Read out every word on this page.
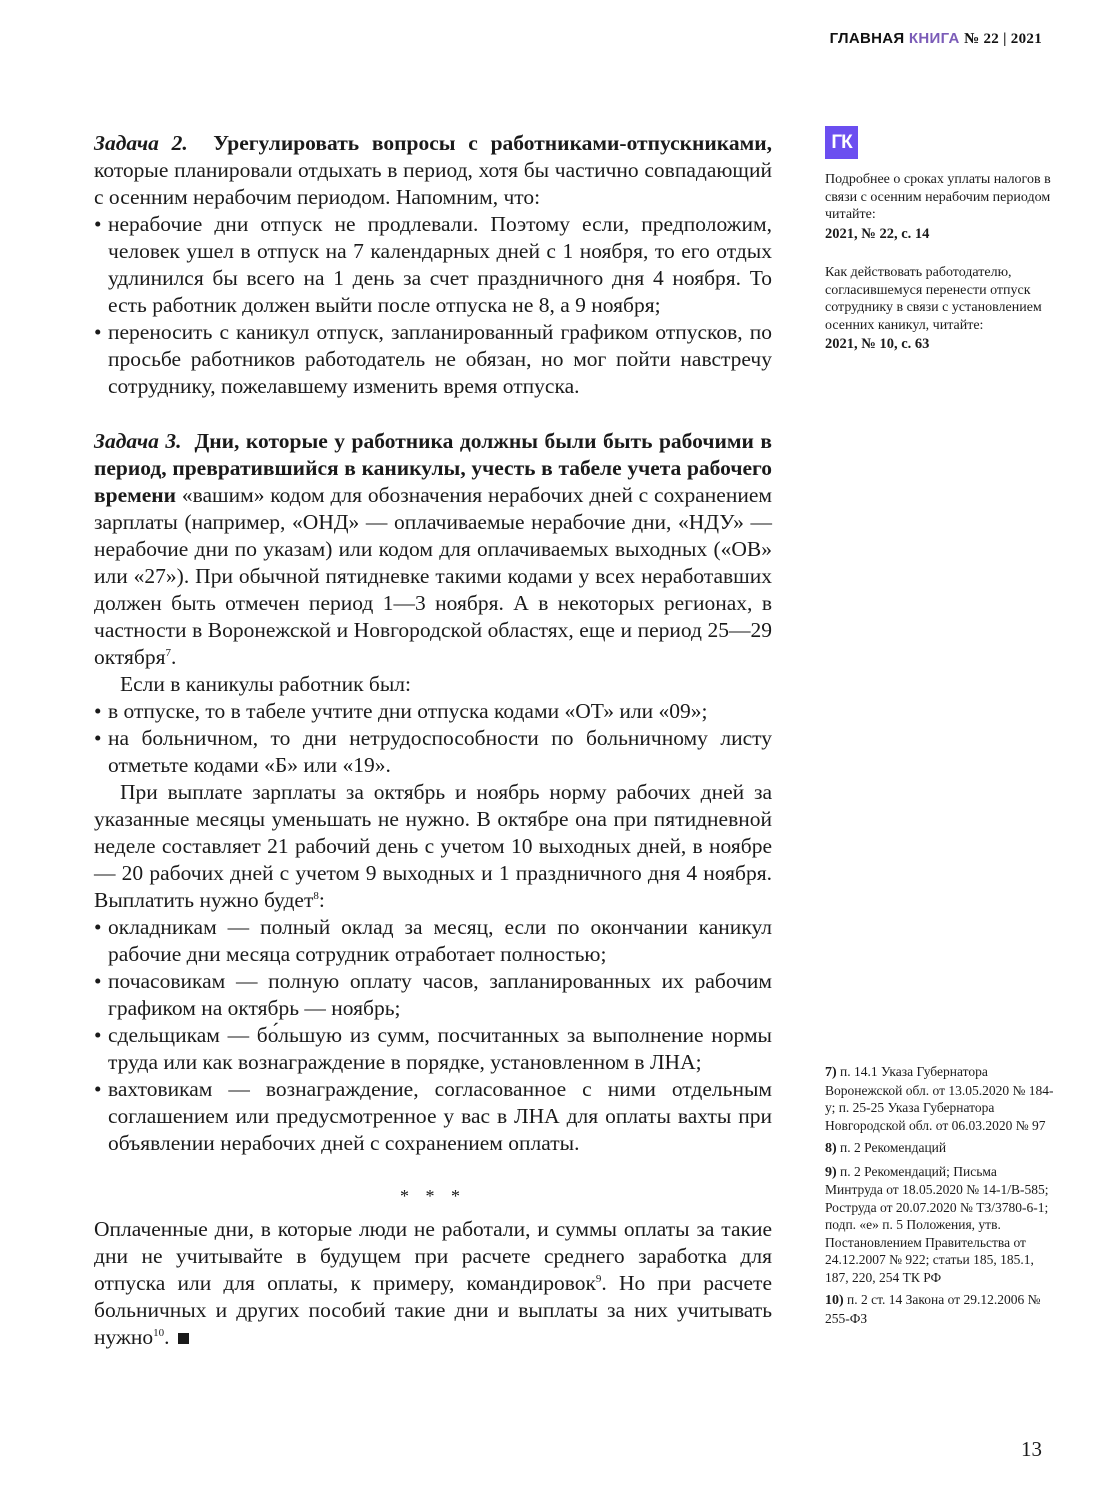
ГЛАВНАЯ КНИГА № 22 | 2021

Задача 2. Урегулировать вопросы с работниками-отпускниками, которые планировали отдыхать в период, хотя бы частично совпадающий с осенним нерабочим периодом. Напомним, что:

• нерабочие дни отпуск не продлевали. Поэтому если, предположим, человек ушел в отпуск на 7 календарных дней с 1 ноября, то его отдых удлинился бы всего на 1 день за счет праздничного дня 4 ноября. То есть работник должен выйти после отпуска не 8, а 9 ноября;
• переносить с каникул отпуск, запланированный графиком отпусков, по просьбе работников работодатель не обязан, но мог пойти навстречу сотруднику, пожелавшему изменить время отпуска.

Задача 3. Дни, которые у работника должны были быть рабочими в период, превратившийся в каникулы, учесть в табеле учета рабочего времени «вашим» кодом для обозначения нерабочих дней с сохранением зарплаты (например, «ОНД» — оплачиваемые нерабочие дни, «НДУ» — нерабочие дни по указам) или кодом для оплачиваемых выходных («ОВ» или «27»). При обычной пятидневке такими кодами у всех неработавших должен быть отмечен период 1—3 ноября. А в некоторых регионах, в частности в Воронежской и Новгородской областях, еще и период 25—29 октября$^7$.

Если в каникулы работник был:

• в отпуске, то в табеле учтите дни отпуска кодами «ОТ» или «09»;
• на больничном, то дни нетрудоспособности по больничному листу отметьте кодами «Б» или «19».

При выплате зарплаты за октябрь и ноябрь норму рабочих дней за указанные месяцы уменьшать не нужно. В октябре она при пятидневной неделе составляет 21 рабочий день с учетом 10 выходных дней, в ноябре — 20 рабочих дней с учетом 9 выходных и 1 праздничного дня 4 ноября. Выплатить нужно будет$^8$:

• окладникам — полный оклад за месяц, если по окончании каникул рабочие дни месяца сотрудник отработает полностью;
• почасовикам — полную оплату часов, запланированных их рабочим графиком на октябрь — ноябрь;
• сдельщикам — бо́льшую из сумм, посчитанных за выполнение нормы труда или как вознаграждение в порядке, установленном в ЛНА;
• вахтовикам — вознаграждение, согласованное с ними отдельным соглашением или предусмотренное у вас в ЛНА для оплаты вахты при объявлении нерабочих дней с сохранением оплаты.
* * *

Оплаченные дни, в которые люди не работали, и суммы оплаты за такие дни не учитывайте в будущем при расчете среднего заработка для отпуска или для оплаты, к примеру, командировок$^9$. Но при расчете больничных и других пособий такие дни и выплаты за них учитывать нужно$^{10}$.

ГК
Подробнее о сроках уплаты налогов в связи с осенним нерабочим периодом читайте:
2021, № 22, с. 14
Как действовать работодателю, согласившемуся перенести отпуск сотруднику в связи с установлением осенних каникул, читайте:
2021, № 10, с. 63

7) п. 14.1 Указа Губернатора Воронежской обл. от 13.05.2020 № 184-у; п. 25-25 Указа Губернатора Новгородской обл. от 06.03.2020 № 97

8) п. 2 Рекомендаций

9) п. 2 Рекомендаций; Письма Минтруда от 18.05.2020 № 14-1/В-585; Роструда от 20.07.2020 № ТЗ/3780-6-1; подп. «е» п. 5 Положения, утв. Постановлением Правительства от 24.12.2007 № 922; статьи 185, 185.1, 187, 220, 254 ТК РФ

10) п. 2 ст. 14 Закона от 29.12.2006 № 255-ФЗ

13
